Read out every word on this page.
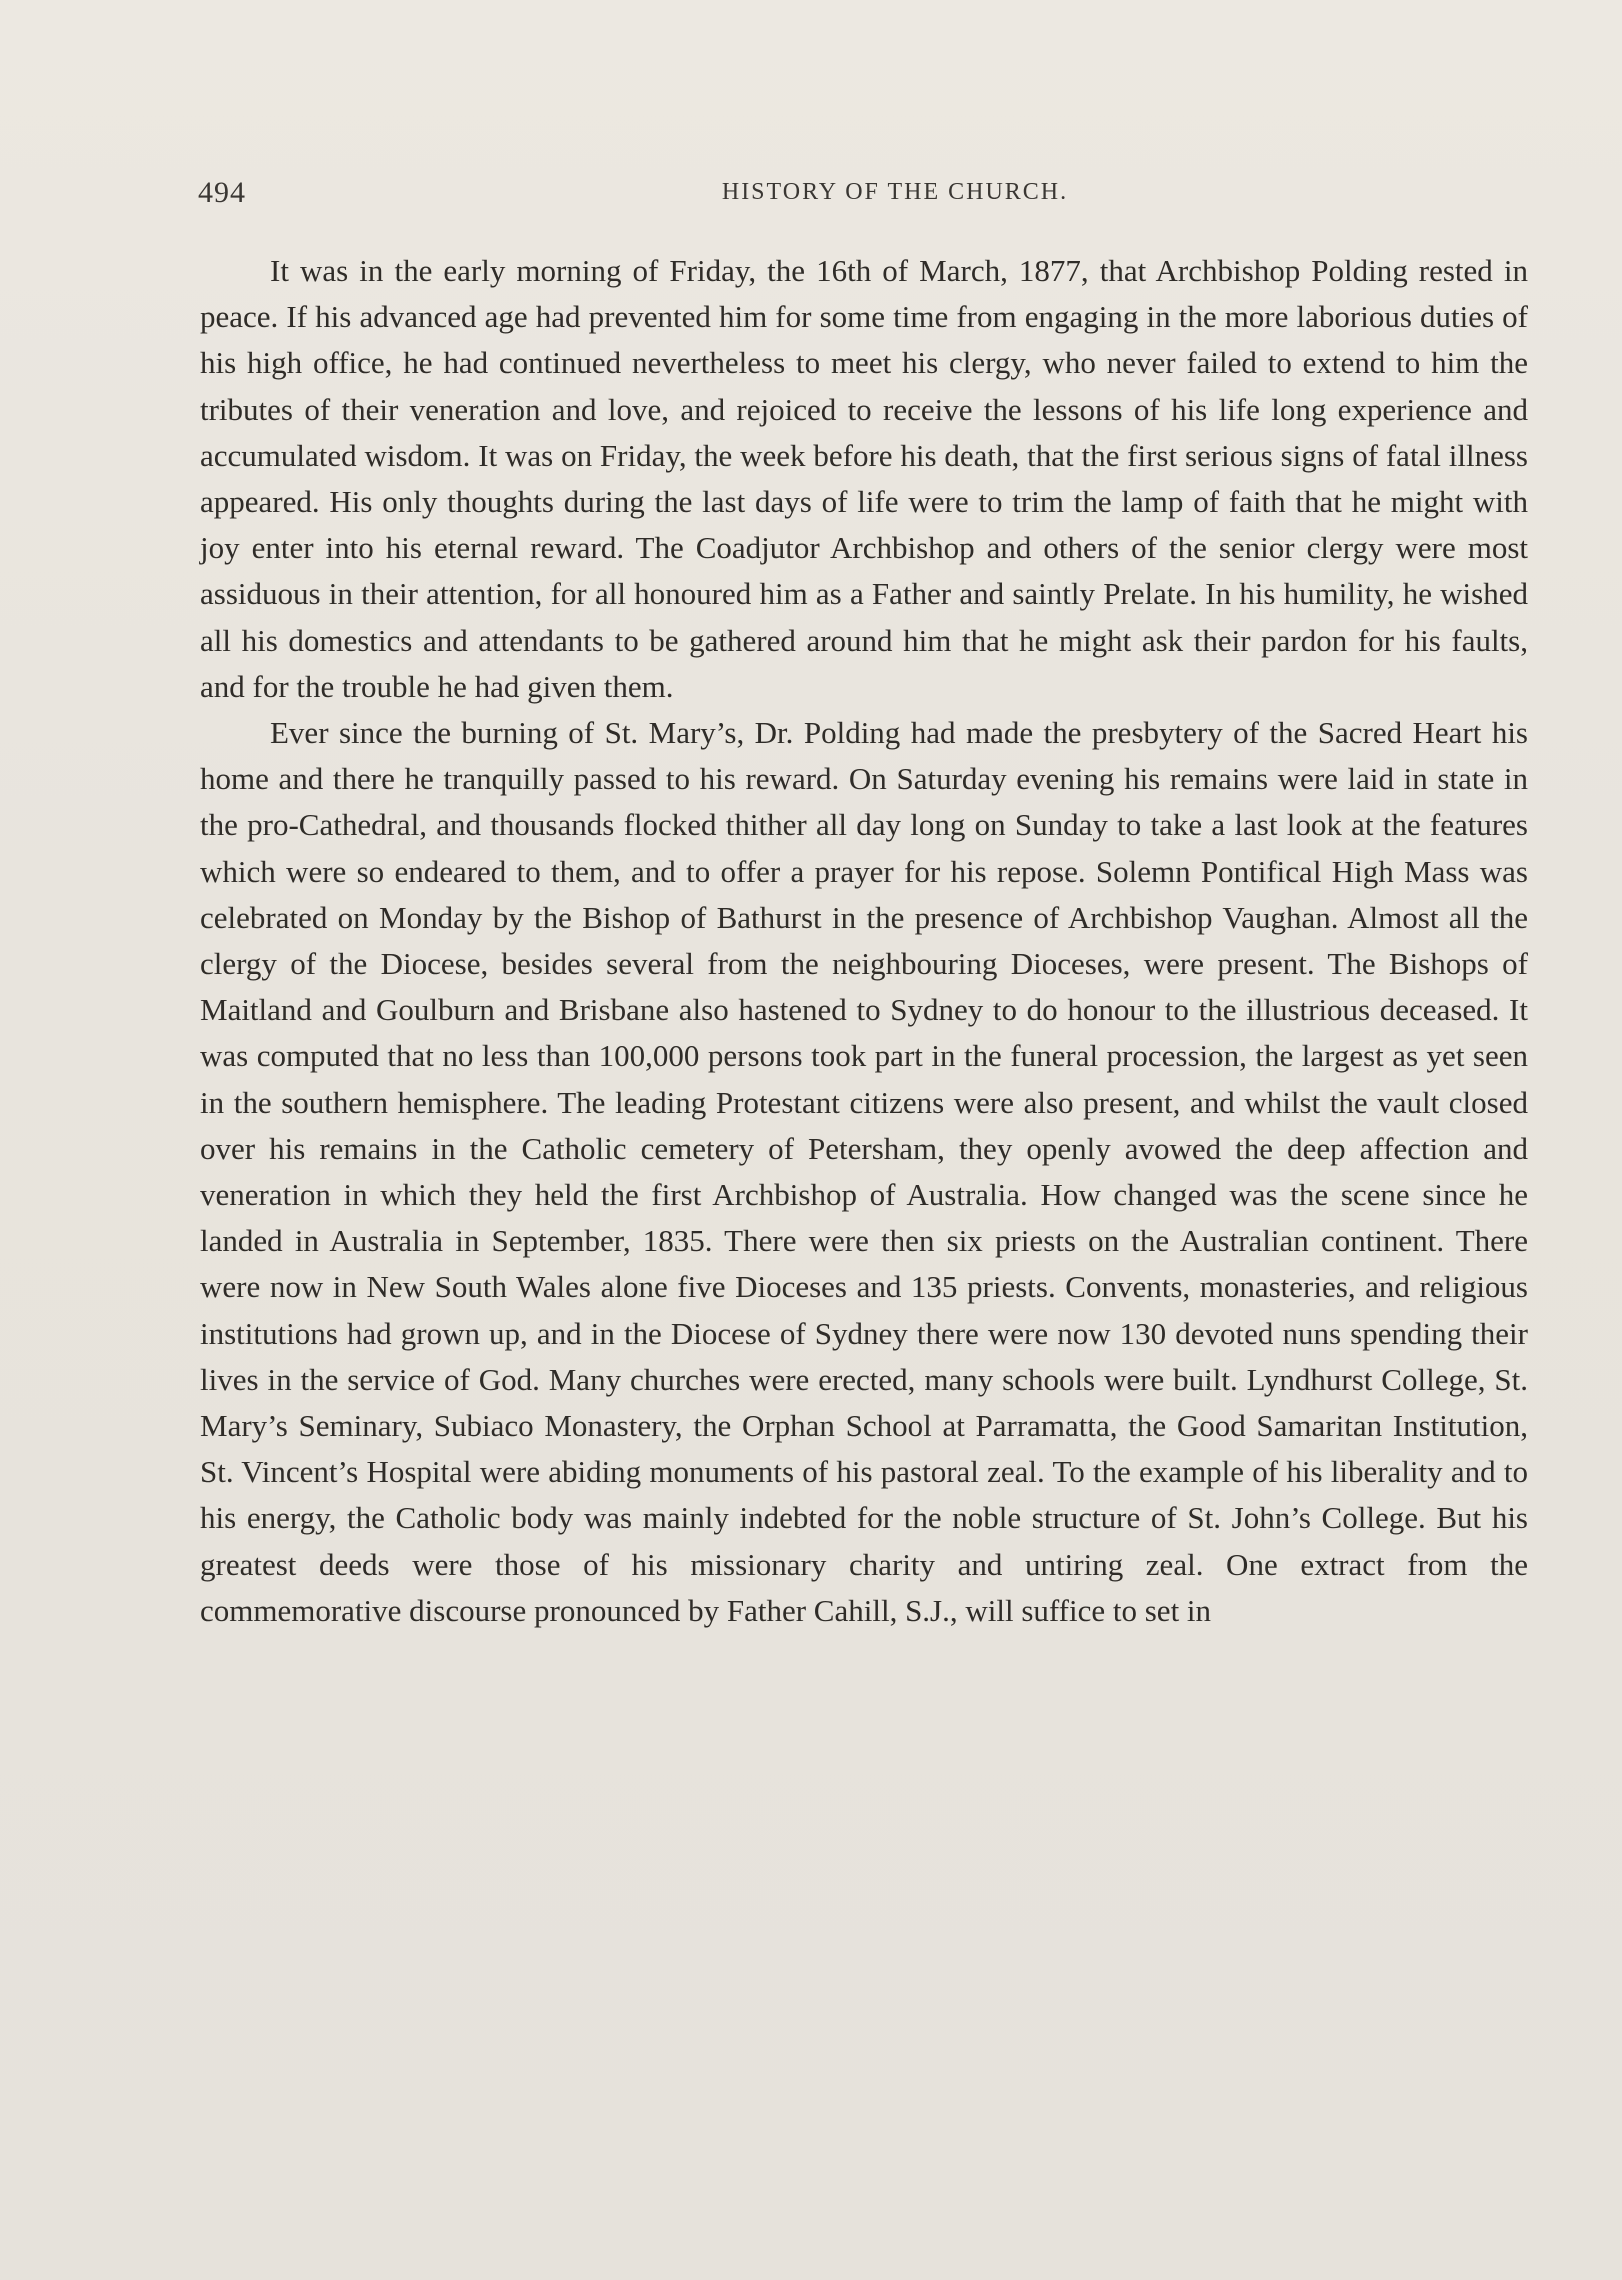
494	HISTORY OF THE CHURCH.

It was in the early morning of Friday, the 16th of March, 1877, that Archbishop Polding rested in peace. If his advanced age had prevented him for some time from engaging in the more laborious duties of his high office, he had continued nevertheless to meet his clergy, who never failed to extend to him the tributes of their veneration and love, and rejoiced to receive the lessons of his life long experience and accumulated wisdom. It was on Friday, the week before his death, that the first serious signs of fatal illness appeared. His only thoughts during the last days of life were to trim the lamp of faith that he might with joy enter into his eternal reward. The Coadjutor Archbishop and others of the senior clergy were most assiduous in their attention, for all honoured him as a Father and saintly Prelate. In his humility, he wished all his domestics and attendants to be gathered around him that he might ask their pardon for his faults, and for the trouble he had given them.

Ever since the burning of St. Mary’s, Dr. Polding had made the presbytery of the Sacred Heart his home and there he tranquilly passed to his reward. On Saturday evening his remains were laid in state in the pro-Cathedral, and thousands flocked thither all day long on Sunday to take a last look at the features which were so endeared to them, and to offer a prayer for his repose. Solemn Pontifical High Mass was celebrated on Monday by the Bishop of Bathurst in the presence of Archbishop Vaughan. Almost all the clergy of the Diocese, besides several from the neighbouring Dioceses, were present. The Bishops of Maitland and Goulburn and Brisbane also hastened to Sydney to do honour to the illustrious deceased. It was computed that no less than 100,000 persons took part in the funeral procession, the largest as yet seen in the southern hemisphere. The leading Protestant citizens were also present, and whilst the vault closed over his remains in the Catholic cemetery of Petersham, they openly avowed the deep affection and veneration in which they held the first Archbishop of Australia. How changed was the scene since he landed in Australia in September, 1835. There were then six priests on the Australian continent. There were now in New South Wales alone five Dioceses and 135 priests. Convents, monasteries, and religious institutions had grown up, and in the Diocese of Sydney there were now 130 devoted nuns spending their lives in the service of God. Many churches were erected, many schools were built. Lyndhurst College, St. Mary’s Seminary, Subiaco Monastery, the Orphan School at Parramatta, the Good Samaritan Institution, St. Vincent’s Hospital were abiding monuments of his pastoral zeal. To the example of his liberality and to his energy, the Catholic body was mainly indebted for the noble structure of St. John’s College. But his greatest deeds were those of his missionary charity and untiring zeal. One extract from the commemorative discourse pronounced by Father Cahill, S.J., will suffice to set in
